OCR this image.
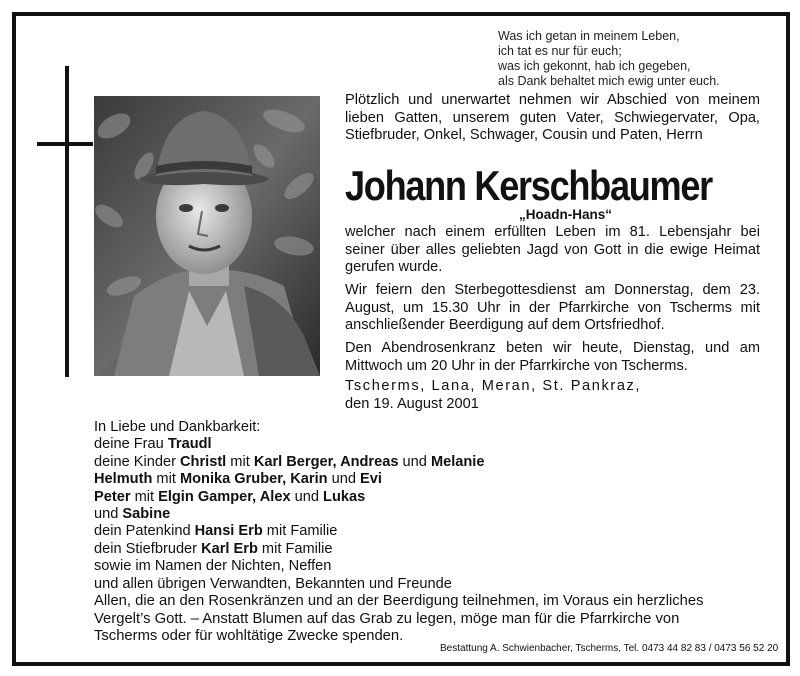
Was ich getan in meinem Leben,
ich tat es nur für euch;
was ich gekonnt, hab ich gegeben,
als Dank behaltet mich ewig unter euch.
Plötzlich und unerwartet nehmen wir Abschied von meinem lieben Gatten, unserem guten Vater, Schwiegervater, Opa, Stiefbruder, Onkel, Schwager, Cousin und Paten, Herrn
Johann Kerschbaumer
„Hoadn-Hans“
welcher nach einem erfüllten Leben im 81. Lebensjahr bei seiner über alles geliebten Jagd von Gott in die ewige Heimat gerufen wurde.
Wir feiern den Sterbegottesdienst am Donnerstag, dem 23. August, um 15.30 Uhr in der Pfarrkirche von Tscherms mit anschließender Beerdigung auf dem Ortsfriedhof.
Den Abendrosenkranz beten wir heute, Dienstag, und am Mittwoch um 20 Uhr in der Pfarrkirche von Tscherms.
Tscherms, Lana, Meran, St. Pankraz,
den 19. August 2001
In Liebe und Dankbarkeit:
deine Frau Traudl
deine Kinder Christl mit Karl Berger, Andreas und Melanie
Helmuth mit Monika Gruber, Karin und Evi
Peter mit Elgin Gamper, Alex und Lukas
und Sabine
dein Patenkind Hansi Erb mit Familie
dein Stiefbruder Karl Erb mit Familie
sowie im Namen der Nichten, Neffen
und allen übrigen Verwandten, Bekannten und Freunde
Allen, die an den Rosenkränzen und an der Beerdigung teilnehmen, im Voraus ein herzliches
Vergelt’s Gott. – Anstatt Blumen auf das Grab zu legen, möge man für die Pfarrkirche von
Tscherms oder für wohltätige Zwecke spenden.
Bestattung A. Schwienbacher, Tscherms, Tel. 0473 44 82 83 / 0473 56 52 20
